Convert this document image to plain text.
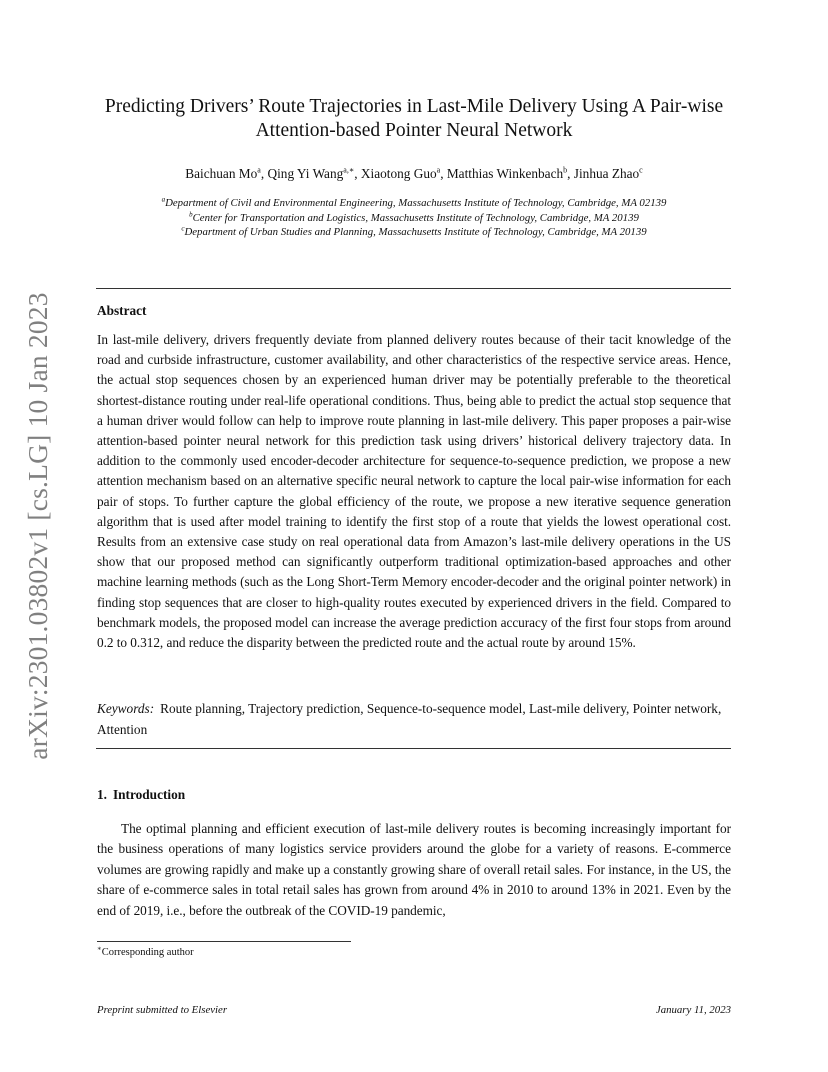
arXiv:2301.03802v1 [cs.LG] 10 Jan 2023
Predicting Drivers’ Route Trajectories in Last-Mile Delivery Using A Pair-wise
Attention-based Pointer Neural Network
Baichuan Mo$^a$, Qing Yi Wang$^{a,∗}$, Xiaotong Guo$^a$, Matthias Winkenbach$^b$, Jinhua Zhao$^c$
$^a$Department of Civil and Environmental Engineering, Massachusetts Institute of Technology, Cambridge, MA 02139
$^b$Center for Transportation and Logistics, Massachusetts Institute of Technology, Cambridge, MA 20139
$^c$Department of Urban Studies and Planning, Massachusetts Institute of Technology, Cambridge, MA 20139
Abstract

In last-mile delivery, drivers frequently deviate from planned delivery routes because of their tacit knowledge of the road and curbside infrastructure, customer availability, and other characteristics of the respective service areas. Hence, the actual stop sequences chosen by an experienced human driver may be potentially preferable to the theoretical shortest-distance routing under real-life operational conditions. Thus, being able to predict the actual stop sequence that a human driver would follow can help to improve route planning in last-mile delivery. This paper proposes a pair-wise attention-based pointer neural network for this prediction task using drivers’ historical delivery trajectory data. In addition to the commonly used encoder-decoder architecture for sequence-to-sequence prediction, we propose a new attention mechanism based on an alternative specific neural network to capture the local pair-wise information for each pair of stops. To further capture the global efficiency of the route, we propose a new iterative sequence generation algorithm that is used after model training to identify the first stop of a route that yields the lowest operational cost. Results from an extensive case study on real operational data from Amazon’s last-mile delivery operations in the US show that our proposed method can significantly outperform traditional optimization-based approaches and other machine learning methods (such as the Long Short-Term Memory encoder-decoder and the original pointer network) in finding stop sequences that are closer to high-quality routes executed by experienced drivers in the field. Compared to benchmark models, the proposed model can increase the average prediction accuracy of the first four stops from around 0.2 to 0.312, and reduce the disparity between the predicted route and the actual route by around 15%.

Keywords: Route planning, Trajectory prediction, Sequence-to-sequence model, Last-mile delivery, Pointer network, Attention

1. Introduction

The optimal planning and efficient execution of last-mile delivery routes is becoming increasingly important for the business operations of many logistics service providers around the globe for a variety of reasons. E-commerce volumes are growing rapidly and make up a constantly growing share of overall retail sales. For instance, in the US, the share of e-commerce sales in total retail sales has grown from around 4% in 2010 to around 13% in 2021. Even by the end of 2019, i.e., before the outbreak of the COVID-19 pandemic,

∗Corresponding author
Preprint submitted to Elsevier	January 11, 2023
